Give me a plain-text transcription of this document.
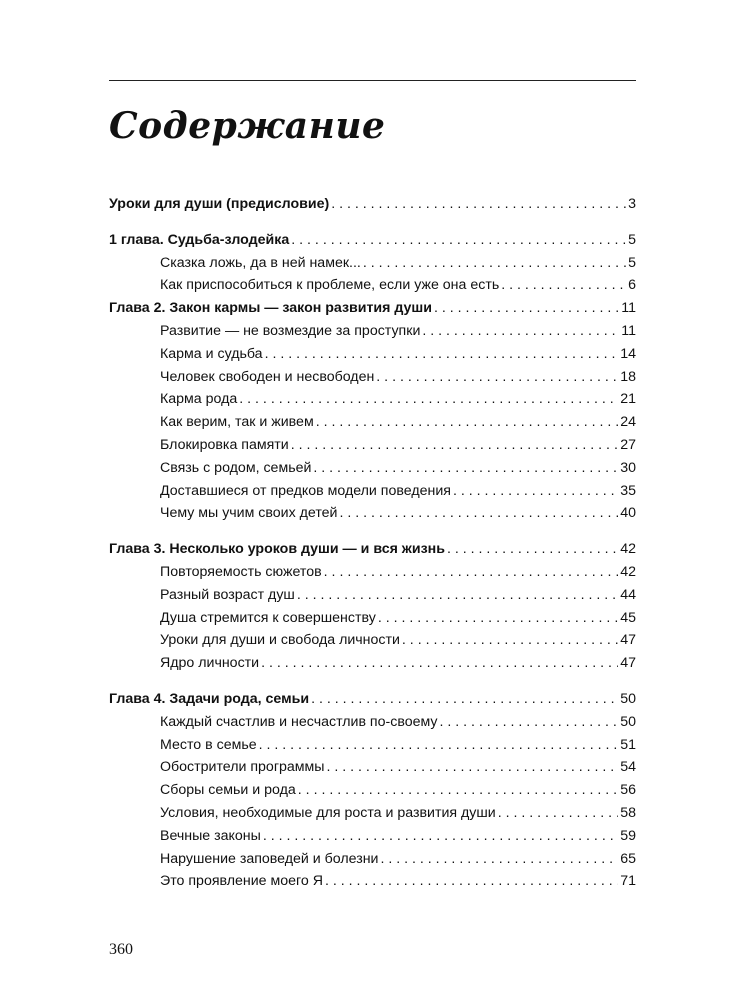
Содержание
Уроки для души (предисловие) . . .	3
1 глава. Судьба-злодейка . . .	5
Сказка ложь, да в ней намек... . . .	5
Как приспособиться к проблеме, если уже она есть . . .	6
Глава 2. Закон кармы — закон развития души . . .	11
Развитие — не возмездие за проступки . . .	11
Карма и судьба . . .	14
Человек свободен и несвободен . . .	18
Карма рода . . .	21
Как верим, так и живем . . .	24
Блокировка памяти . . .	27
Связь с родом, семьей . . .	30
Доставшиеся от предков модели поведения . . .	35
Чему мы учим своих детей . . .	40
Глава 3. Несколько уроков души — и вся жизнь . . .	42
Повторяемость сюжетов . . .	42
Разный возраст душ . . .	44
Душа стремится к совершенству . . .	45
Уроки для души и свобода личности . . .	47
Ядро личности . . .	47
Глава 4. Задачи рода, семьи . . .	50
Каждый счастлив и несчастлив по-своему . . .	50
Место в семье . . .	51
Обострители программы . . .	54
Сборы семьи и рода . . .	56
Условия, необходимые для роста и развития души . . .	58
Вечные законы . . .	59
Нарушение заповедей и болезни . . .	65
Это проявление моего Я . . .	71
360
